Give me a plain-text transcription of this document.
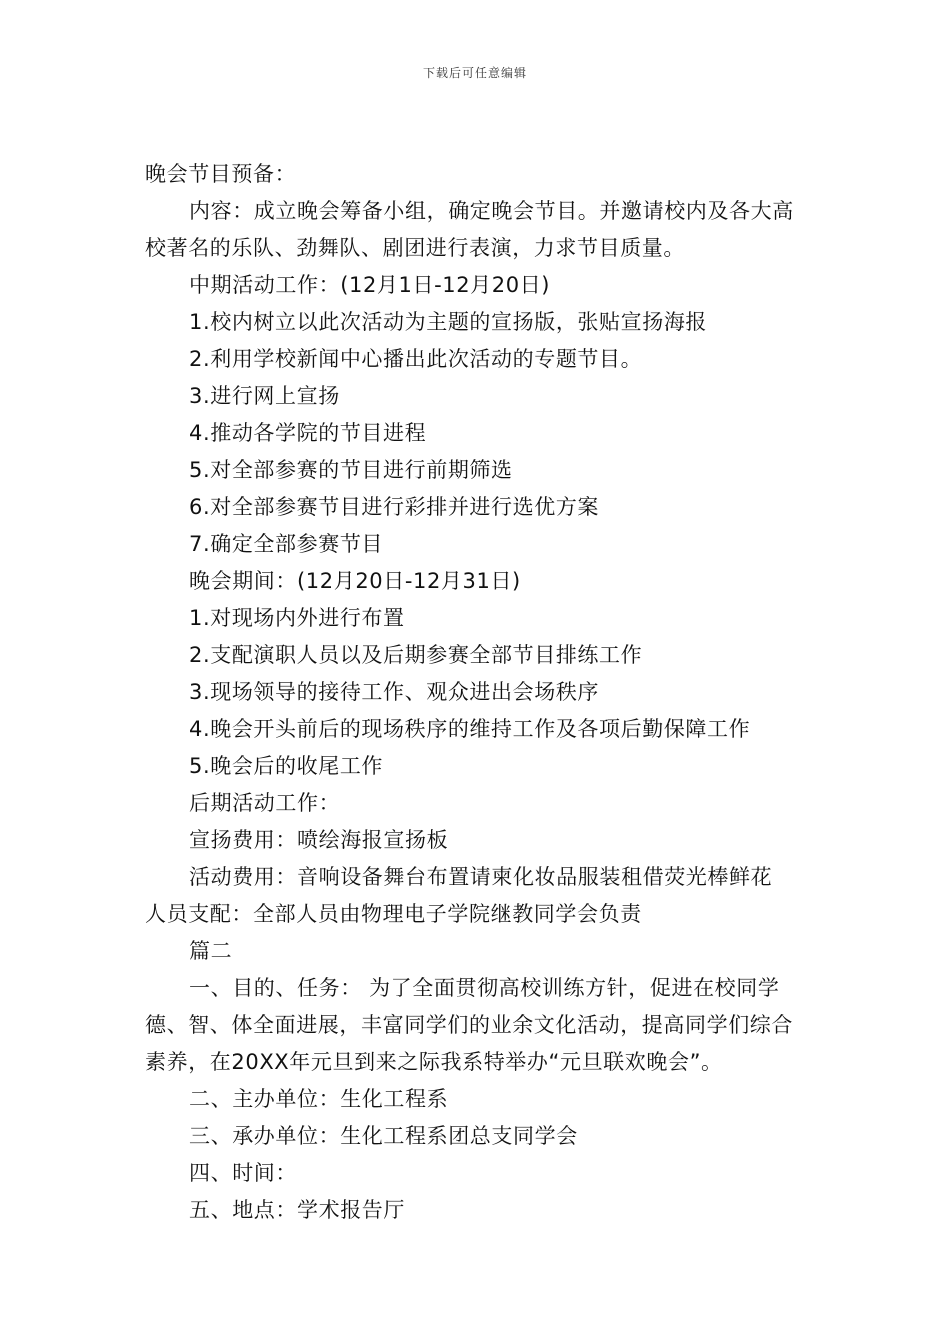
下载后可任意编辑

晚会节目预备：

内容：成立晚会筹备小组，确定晚会节目。并邀请校内及各大高校著名的乐队、劲舞队、剧团进行表演，力求节目质量。

中期活动工作：(12月1日-12月20日)

1.校内树立以此次活动为主题的宣扬版，张贴宣扬海报

2.利用学校新闻中心播出此次活动的专题节目。

3.进行网上宣扬

4.推动各学院的节目进程

5.对全部参赛的节目进行前期筛选

6.对全部参赛节目进行彩排并进行选优方案

7.确定全部参赛节目

晚会期间：(12月20日-12月31日)

1.对现场内外进行布置

2.支配演职人员以及后期参赛全部节目排练工作

3.现场领导的接待工作、观众进出会场秩序

4.晚会开头前后的现场秩序的维持工作及各项后勤保障工作

5.晚会后的收尾工作

后期活动工作：

宣扬费用：喷绘海报宣扬板

活动费用：音响设备舞台布置请柬化妆品服装租借荧光棒鲜花

人员支配：全部人员由物理电子学院继教同学会负责

篇二

一、目的、任务： 为了全面贯彻高校训练方针，促进在校同学德、智、体全面进展，丰富同学们的业余文化活动，提高同学们综合素养，在20XX年元旦到来之际我系特举办“元旦联欢晚会”。

二、主办单位：生化工程系

三、承办单位：生化工程系团总支同学会

四、时间：

五、地点：学术报告厅
